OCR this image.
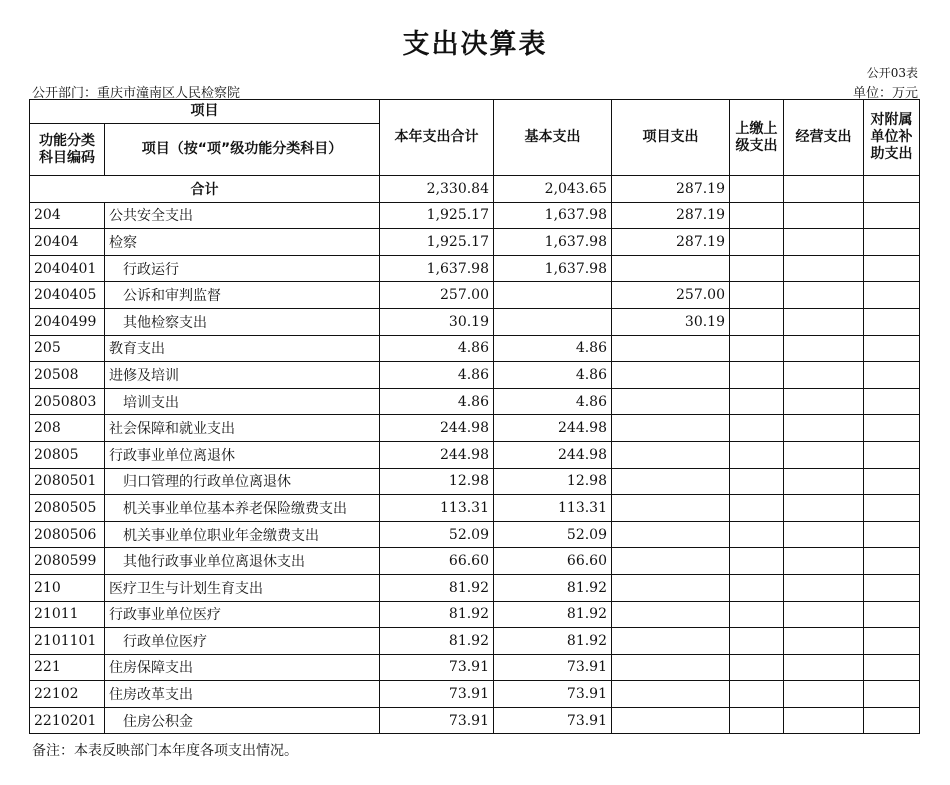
支出决算表
公开03表
公开部门：重庆市潼南区人民检察院	单位：万元
项目		本年支出合计	基本支出	项目支出	上缴上级支出	经营支出	对附属单位补助支出
功能分类科目编码	项目（按“项”级功能分类科目）						
合计		2,330.84	2,043.65	287.19			
204	公共安全支出	1,925.17	1,637.98	287.19			
20404	检察	1,925.17	1,637.98	287.19			
2040401	行政运行	1,637.98	1,637.98				
2040405	公诉和审判监督	257.00		257.00			
2040499	其他检察支出	30.19		30.19			
205	教育支出	4.86	4.86				
20508	进修及培训	4.86	4.86				
2050803	培训支出	4.86	4.86				
208	社会保障和就业支出	244.98	244.98				
20805	行政事业单位离退休	244.98	244.98				
2080501	归口管理的行政单位离退休	12.98	12.98				
2080505	机关事业单位基本养老保险缴费支出	113.31	113.31				
2080506	机关事业单位职业年金缴费支出	52.09	52.09				
2080599	其他行政事业单位离退休支出	66.60	66.60				
210	医疗卫生与计划生育支出	81.92	81.92				
21011	行政事业单位医疗	81.92	81.92				
2101101	行政单位医疗	81.92	81.92				
221	住房保障支出	73.91	73.91				
22102	住房改革支出	73.91	73.91				
2210201	住房公积金	73.91	73.91				
备注：本表反映部门本年度各项支出情况。
